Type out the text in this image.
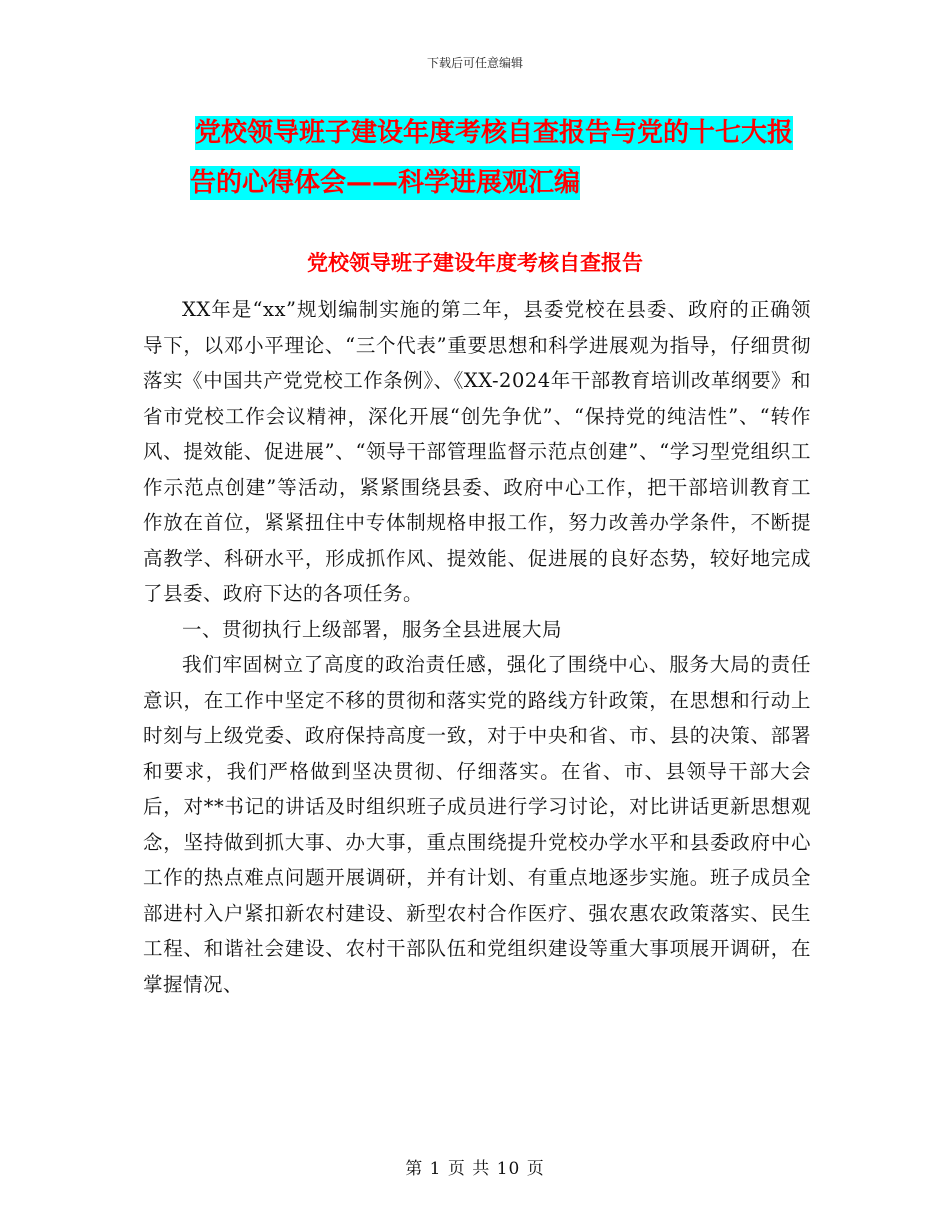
下载后可任意编辑
党校领导班子建设年度考核自查报告与党的十七大报
告的心得体会——科学进展观汇编
党校领导班子建设年度考核自查报告

XX年是“xx”规划编制实施的第二年，县委党校在县委、政府的正确领导下，以邓小平理论、“三个代表”重要思想和科学进展观为指导，仔细贯彻落实《中国共产党党校工作条例》、《XX-2024年干部教育培训改革纲要》和省市党校工作会议精神，深化开展“创先争优”、“保持党的纯洁性”、“转作风、提效能、促进展”、“领导干部管理监督示范点创建”、“学习型党组织工作示范点创建”等活动，紧紧围绕县委、政府中心工作，把干部培训教育工作放在首位，紧紧扭住中专体制规格申报工作，努力改善办学条件，不断提高教学、科研水平，形成抓作风、提效能、促进展的良好态势，较好地完成了县委、政府下达的各项任务。

一、贯彻执行上级部署，服务全县进展大局

我们牢固树立了高度的政治责任感，强化了围绕中心、服务大局的责任意识，在工作中坚定不移的贯彻和落实党的路线方针政策，在思想和行动上时刻与上级党委、政府保持高度一致，对于中央和省、市、县的决策、部署和要求，我们严格做到坚决贯彻、仔细落实。在省、市、县领导干部大会后，对**书记的讲话及时组织班子成员进行学习讨论，对比讲话更新思想观念，坚持做到抓大事、办大事，重点围绕提升党校办学水平和县委政府中心工作的热点难点问题开展调研，并有计划、有重点地逐步实施。班子成员全部进村入户紧扣新农村建设、新型农村合作医疗、强农惠农政策落实、民生工程、和谐社会建设、农村干部队伍和党组织建设等重大事项展开调研，在掌握情况、

第 1 页 共 10 页
